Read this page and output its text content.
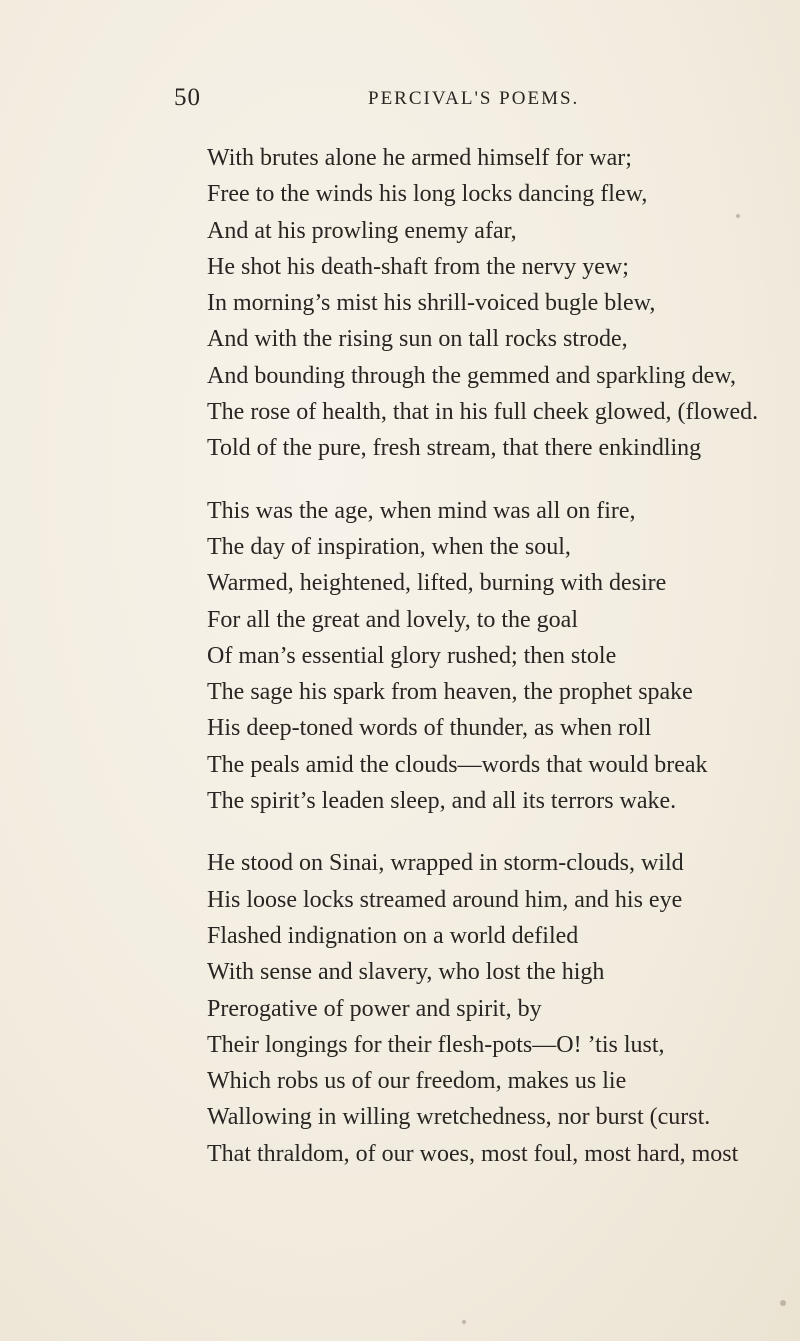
50	PERCIVAL'S POEMS.
With brutes alone he armed himself for war;
Free to the winds his long locks dancing flew,
And at his prowling enemy afar,
He shot his death-shaft from the nervy yew;
In morning’s mist his shrill-voiced bugle blew,
And with the rising sun on tall rocks strode,
And bounding through the gemmed and sparkling dew,
The rose of health, that in his full cheek glowed, (flowed.
Told of the pure, fresh stream, that there enkindling
This was the age, when mind was all on fire,
The day of inspiration, when the soul,
Warmed, heightened, lifted, burning with desire
For all the great and lovely, to the goal
Of man’s essential glory rushed; then stole
The sage his spark from heaven, the prophet spake
His deep-toned words of thunder, as when roll
The peals amid the clouds—words that would break
The spirit’s leaden sleep, and all its terrors wake.
He stood on Sinai, wrapped in storm-clouds, wild
His loose locks streamed around him, and his eye
Flashed indignation on a world defiled
With sense and slavery, who lost the high
Prerogative of power and spirit, by
Their longings for their flesh-pots—O! ’tis lust,
Which robs us of our freedom, makes us lie
Wallowing in willing wretchedness, nor burst (curst.
That thraldom, of our woes, most foul, most hard, most
